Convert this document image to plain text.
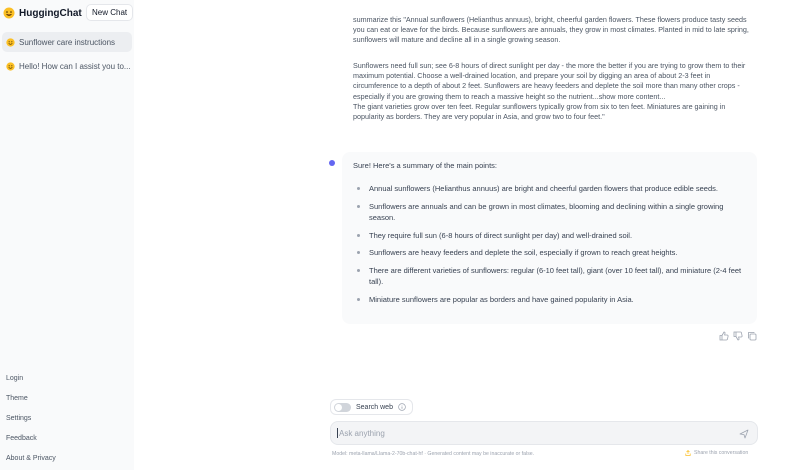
HuggingChat	New Chat
Sunflower care instructions
Hello! How can I assist you to...
Login
Theme
Settings
Feedback
About & Privacy

summarize this "Annual sunflowers (Helianthus annuus), bright, cheerful garden flowers. These flowers produce tasty seeds you can eat or leave for the birds. Because sunflowers are annuals, they grow in most climates. Planted in mid to late spring, sunflowers will mature and decline all in a single growing season.

Sunflowers need full sun; see 6-8 hours of direct sunlight per day - the more the better if you are trying to grow them to their maximum potential. Choose a well-drained location, and prepare your soil by digging an area of about 2-3 feet in circumference to a depth of about 2 feet. Sunflowers are heavy feeders and deplete the soil more than many other crops - especially if you are growing them to reach a massive height so the nutrient...show more content...

The giant varieties grow over ten feet. Regular sunflowers typically grow from six to ten feet. Miniatures are gaining in popularity as borders. They are very popular in Asia, and grow two to four feet."

Sure! Here's a summary of the main points:
Annual sunflowers (Helianthus annuus) are bright and cheerful garden flowers that produce edible seeds.
Sunflowers are annuals and can be grown in most climates, blooming and declining within a single growing season.
They require full sun (6-8 hours of direct sunlight per day) and well-drained soil.
Sunflowers are heavy feeders and deplete the soil, especially if grown to reach great heights.
There are different varieties of sunflowers: regular (6-10 feet tall), giant (over 10 feet tall), and miniature (2-4 feet tall).
Miniature sunflowers are popular as borders and have gained popularity in Asia.
Search web
Ask anything
Model: meta-llama/Llama-2-70b-chat-hf · Generated content may be inaccurate or false.	Share this conversation
